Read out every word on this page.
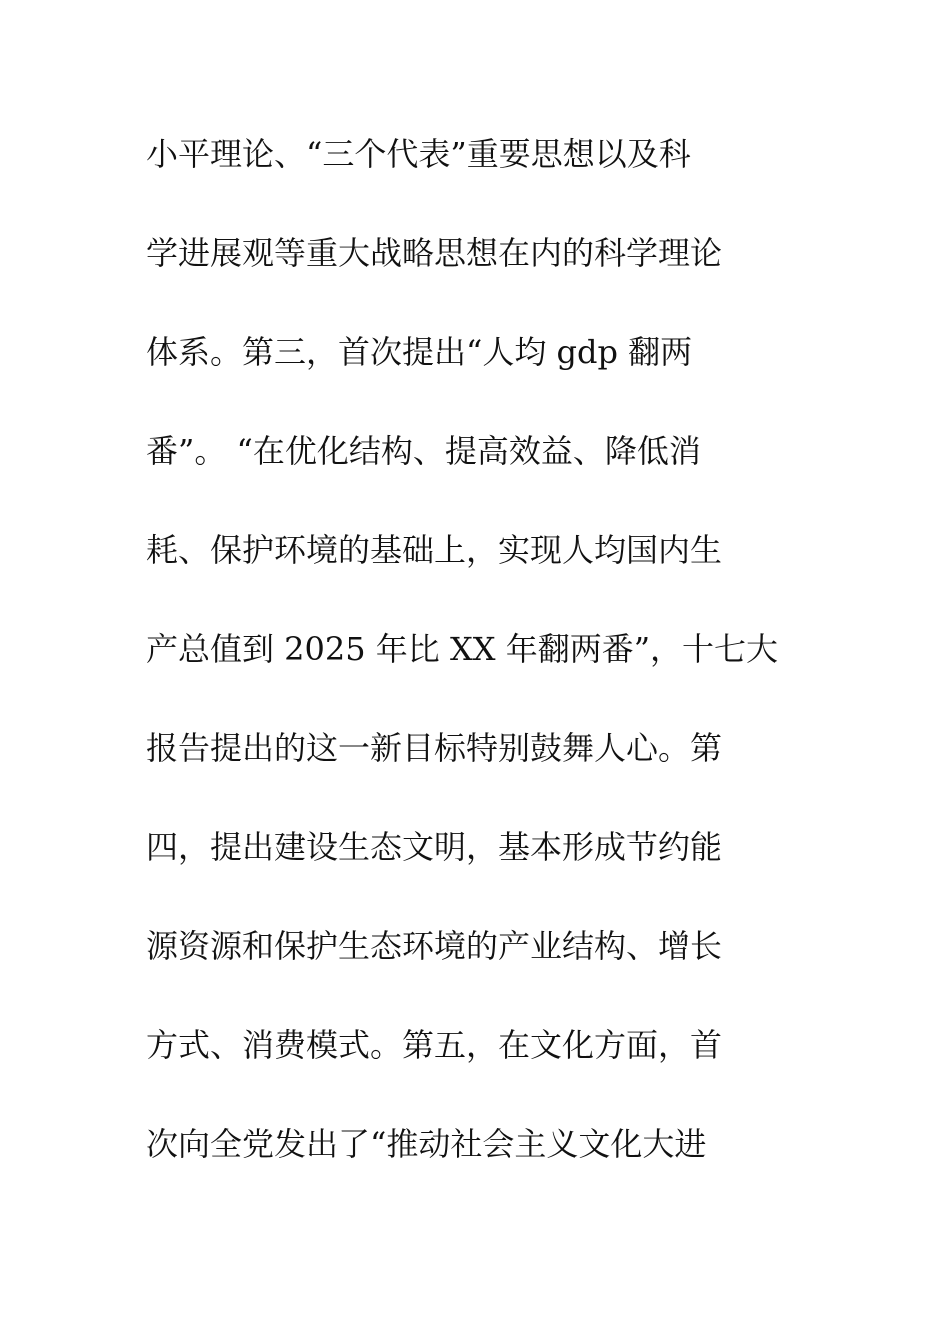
小平理论、“三个代表”重要思想以及科
学进展观等重大战略思想在内的科学理论
体系。第三，首次提出“人均 gdp 翻两
番”。 “在优化结构、提高效益、降低消
耗、保护环境的基础上，实现人均国内生
产总值到 2025 年比 XX 年翻两番”，十七大
报告提出的这一新目标特别鼓舞人心。第
四，提出建设生态文明，基本形成节约能
源资源和保护生态环境的产业结构、增长
方式、消费模式。第五，在文化方面，首
次向全党发出了“推动社会主义文化大进
